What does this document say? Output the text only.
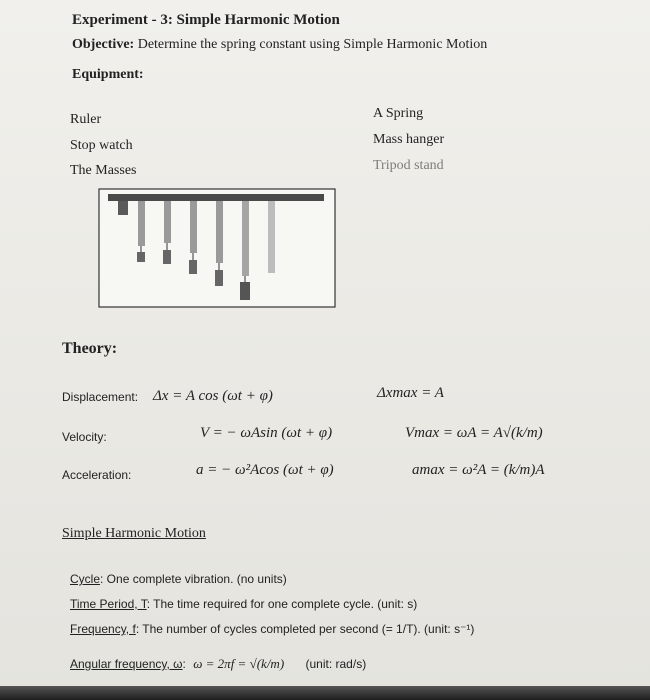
Experiment - 3: Simple Harmonic Motion
Objective: Determine the spring constant using Simple Harmonic Motion
Equipment:
Ruler
Stop watch
The Masses
A Spring
Mass hanger
Tripod stand
Theory:
Displacement: Δx = A cos (ωt + φ)	Δxmax = A
Velocity:	V = − ωAsin (ωt + φ)	Vmax = ωA = A√(k/m)
Acceleration:	a = − ω²Acos (ωt + φ)	amax = ω²A = (k/m)A
Simple Harmonic Motion
Cycle: One complete vibration. (no units)
Time Period, T: The time required for one complete cycle. (unit: s)
Frequency, f: The number of cycles completed per second (= 1/T). (unit: s⁻¹)
Angular frequency, ω: ω = 2πf = √(k/m) (unit: rad/s)
